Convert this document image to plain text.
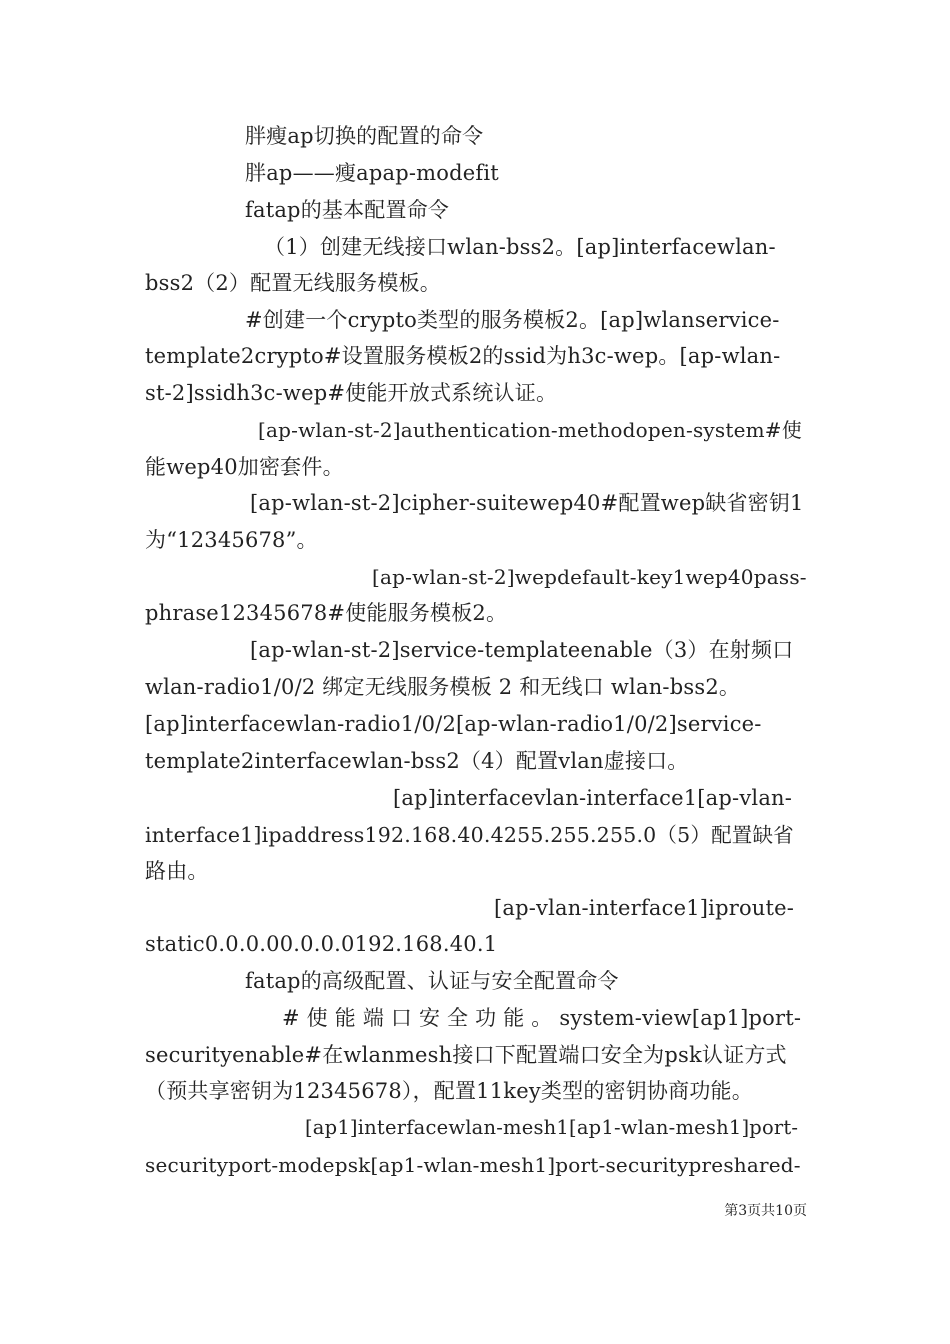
胖瘦ap切换的配置的命令
胖ap——瘦apap-modefit
fatap的基本配置命令
（1）创建无线接口wlan-bss2。[ap]interfacewlan-
bss2（2）配置无线服务模板。
#创建一个crypto类型的服务模板2。[ap]wlanservice-
template2crypto#设置服务模板2的ssid为h3c-wep。[ap-wlan-
st-2]ssidh3c-wep#使能开放式系统认证。
[ap-wlan-st-2]authentication-methodopen-system#使
能wep40加密套件。
[ap-wlan-st-2]cipher-suitewep40#配置wep缺省密钥1
为“12345678”。
[ap-wlan-st-2]wepdefault-key1wep40pass-
phrase12345678#使能服务模板2。
[ap-wlan-st-2]service-templateenable（3）在射频口
wlan-radio1/0/2 绑定无线服务模板 2 和无线口 wlan-bss2。
[ap]interfacewlan-radio1/0/2[ap-wlan-radio1/0/2]service-
template2interfacewlan-bss2（4）配置vlan虚接口。
[ap]interfacevlan-interface1[ap-vlan-
interface1]ipaddress192.168.40.4255.255.255.0（5）配置缺省
路由。
[ap-vlan-interface1]iproute-
static0.0.0.00.0.0.0192.168.40.1
fatap的高级配置、认证与安全配置命令
# 使 能 端 口 安 全 功 能 。 system-view[ap1]port-
securityenable#在wlanmesh接口下配置端口安全为psk认证方式
（预共享密钥为12345678），配置11key类型的密钥协商功能。
[ap1]interfacewlan-mesh1[ap1-wlan-mesh1]port-
securityport-modepsk[ap1-wlan-mesh1]port-securitypreshared-
第3页共10页
